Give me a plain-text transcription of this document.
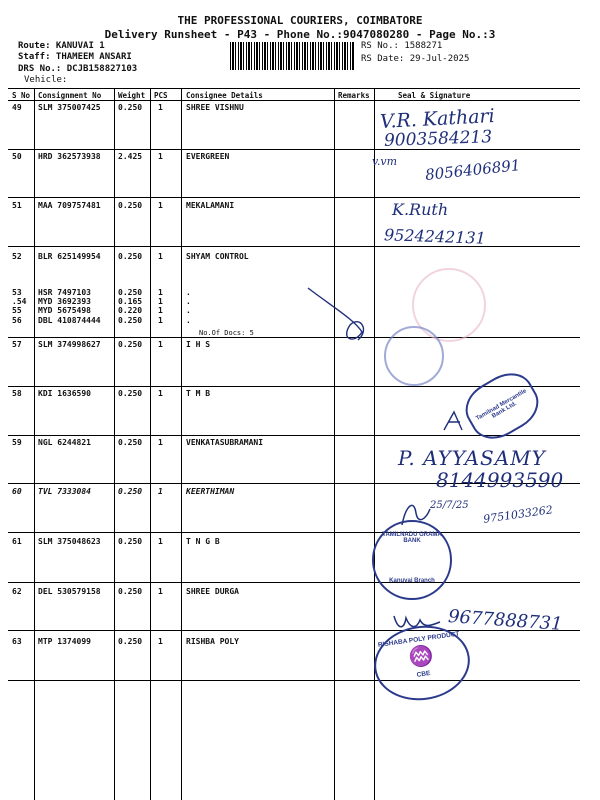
THE PROFESSIONAL COURIERS, COIMBATORE
Delivery Runsheet - P43 - Phone No.:9047080280 - Page No.:3
Route: KANUVAI 1
Staff: THAMEEM ANSARI
DRS No.: DCJB158827103
Vehicle:
RS No.: 1588271
RS Date: 29-Jul-2025
S No Consignment No Weight PCS Consignee Details	Remarks	Seal & Signature
49 SLM 375007425 0.250 1	SHREE VISHNU
50 HRD 362573938 2.425 1	EVERGREEN
51 MAA 709757481 0.250 1	MEKALAMANI
52 BLR 625149954 0.250 1	SHYAM CONTROL
53 HSR 7497103	0.250 1	.
.54 MYD 3692393	0.165 1	.
55 MYD 5675498	0.220 1	.
56 DBL 410874444 0.250 1	.
57 SLM 374998627 0.250 1	I H S
58 KDI 1636590	0.250 1	T M B
59 NGL 6244821	0.250 1	VENKATASUBRAMANI
60 TVL 7333084	0.250 1	KEERTHIMAN
61 SLM 375048623 0.250 1	T N G B
62 DEL 530579158 0.250 1	SHREE DURGA
63 MTP 1374099	0.250 1	RISHBA POLY
No.Of Docs: 5
V.R. Kathari
9003584213
v.vm 8056406891
K.Ruth
9524242131
P. AYYASAMY
8144993590
25/7/25 9751033262
9677888731
Tamilnad Mercantile Bank Ltd.
TAMILNADU GRAMA BANK
Kanuvai Branch
RISHABA POLY PRODUCT
♒
CBE
